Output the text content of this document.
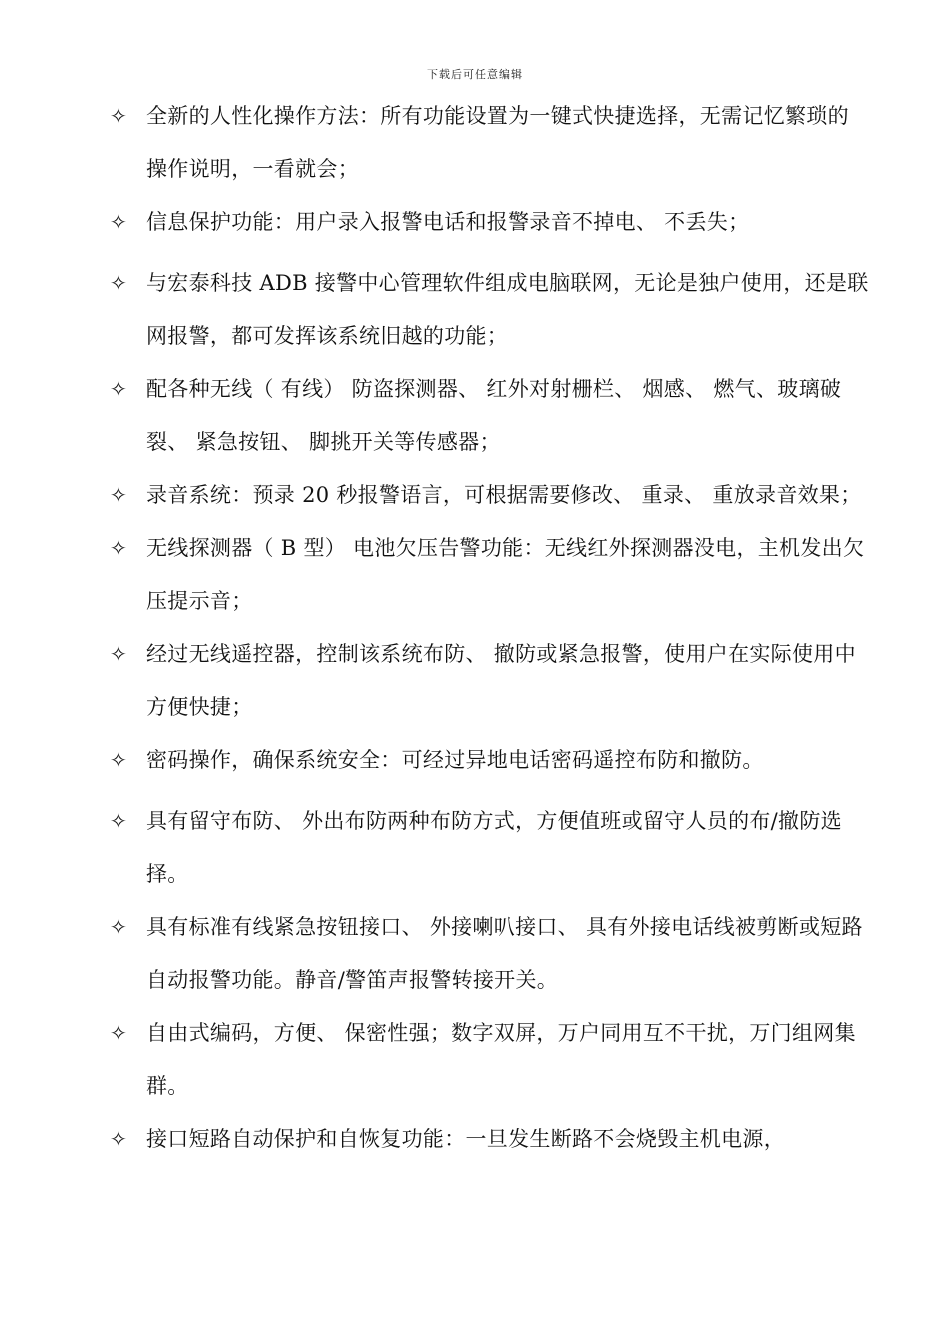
下载后可任意编辑
✧ 全新的人性化操作方法：所有功能设置为一键式快捷选择，无需记忆繁琐的操作说明，一看就会；
✧ 信息保护功能：用户录入报警电话和报警录音不掉电、 不丢失；
✧ 与宏泰科技 ADB 接警中心管理软件组成电脑联网，无论是独户使用，还是联网报警，都可发挥该系统旧越的功能；
✧ 配各种无线（ 有线） 防盗探测器、 红外对射栅栏、 烟感、 燃气、玻璃破裂、 紧急按钮、 脚挑开关等传感器；
✧ 录音系统：预录 20 秒报警语言，可根据需要修改、 重录、 重放录音效果；
✧ 无线探测器（ B 型） 电池欠压告警功能：无线红外探测器没电，主机发出欠压提示音；
✧ 经过无线遥控器，控制该系统布防、 撤防或紧急报警，使用户在实际使用中方便快捷；
✧ 密码操作，确保系统安全：可经过异地电话密码遥控布防和撤防。
✧ 具有留守布防、 外出布防两种布防方式，方便值班或留守人员的布/撤防选择。
✧ 具有标准有线紧急按钮接口、 外接喇叭接口、 具有外接电话线被剪断或短路自动报警功能。静音/警笛声报警转接开关。
✧ 自由式编码，方便、 保密性强；数字双屏，万户同用互不干扰，万门组网集群。
✧ 接口短路自动保护和自恢复功能：一旦发生断路不会烧毁主机电源，
